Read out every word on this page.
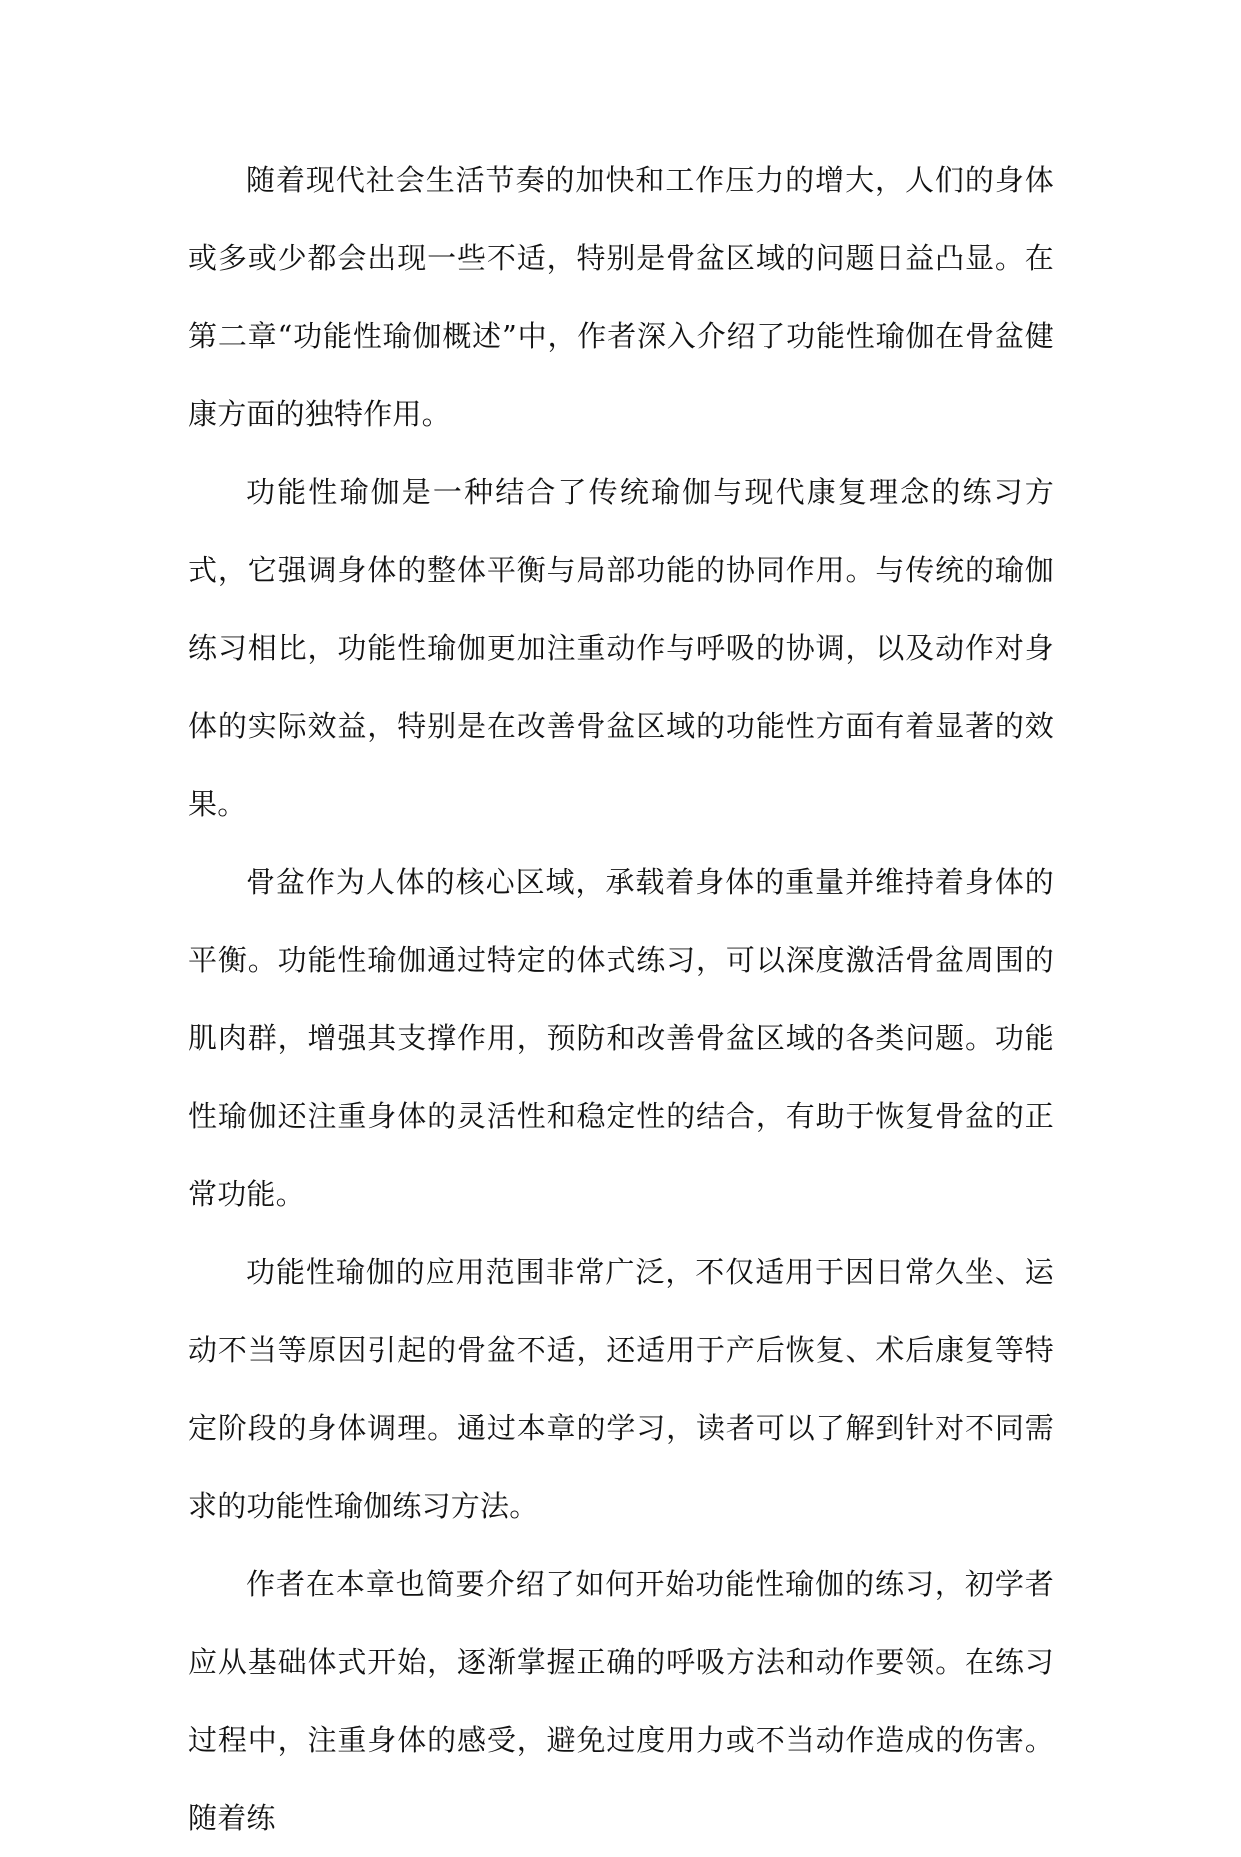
随着现代社会生活节奏的加快和工作压力的增大，人们的身体或多或少都会出现一些不适，特别是骨盆区域的问题日益凸显。在第二章“功能性瑜伽概述”中，作者深入介绍了功能性瑜伽在骨盆健康方面的独特作用。

功能性瑜伽是一种结合了传统瑜伽与现代康复理念的练习方式，它强调身体的整体平衡与局部功能的协同作用。与传统的瑜伽练习相比，功能性瑜伽更加注重动作与呼吸的协调，以及动作对身体的实际效益，特别是在改善骨盆区域的功能性方面有着显著的效果。

骨盆作为人体的核心区域，承载着身体的重量并维持着身体的平衡。功能性瑜伽通过特定的体式练习，可以深度激活骨盆周围的肌肉群，增强其支撑作用，预防和改善骨盆区域的各类问题。功能性瑜伽还注重身体的灵活性和稳定性的结合，有助于恢复骨盆的正常功能。

功能性瑜伽的应用范围非常广泛，不仅适用于因日常久坐、运动不当等原因引起的骨盆不适，还适用于产后恢复、术后康复等特定阶段的身体调理。通过本章的学习，读者可以了解到针对不同需求的功能性瑜伽练习方法。

作者在本章也简要介绍了如何开始功能性瑜伽的练习，初学者应从基础体式开始，逐渐掌握正确的呼吸方法和动作要领。在练习过程中，注重身体的感受，避免过度用力或不当动作造成的伤害。随着练
